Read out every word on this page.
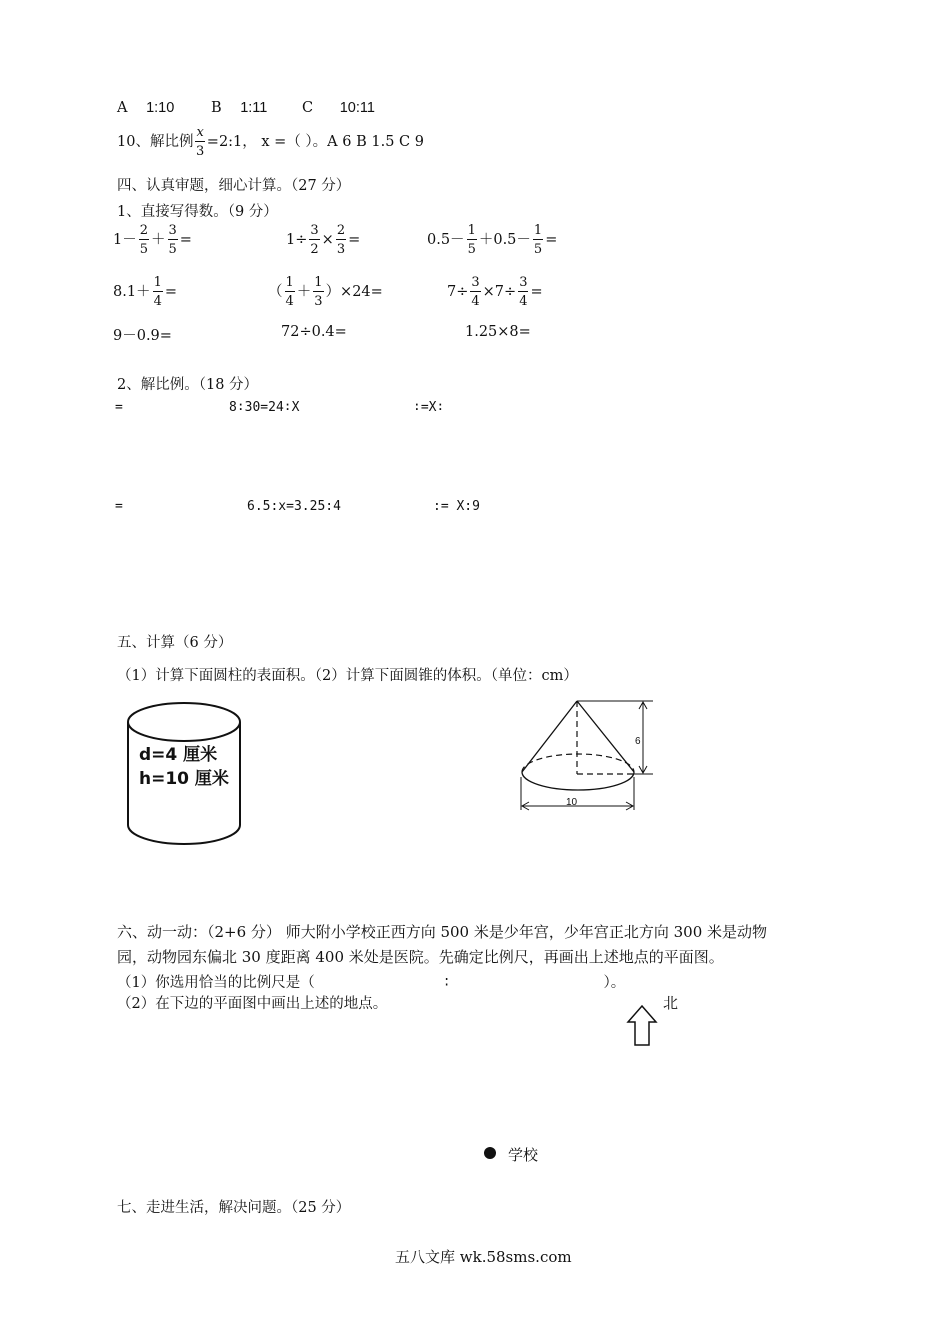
A 1:10	B 1:11 C 10:11
10、解比例 $\frac{x}{3}$ =2:1， x =（ ）。A 6 B 1.5 C 9
四、认真审题，细心计算。（27 分）
1、直接写得数。（9 分）
$1- \frac{2}{5} + \frac{3}{5}$ =	$1\div \frac{3}{2} \times \frac{2}{3}$ =	$0.5- \frac{1}{5} +0.5- \frac{1}{5}$ =
$8.1+ \frac{1}{4}$ =	（ $\frac{1}{4} + \frac{1}{3} )\times 24=$	$7\div \frac{3}{4} \times 7\div \frac{3}{4}$ =
9－0.9=	72÷0.4=	1.25×8=
2、解比例。（18 分）
=	8∶30=24∶X	∶=X∶
=	6.5:x=3.25:4	:= X:9
五、计算（6 分）
（1）计算下面圆柱的表面积。（2）计算下面圆锥的体积。（单位：cm）
d=4 厘米
h=10 厘米
6
10
六、动一动：（2+6 分） 师大附小学校正西方向 500 米是少年宫，少年宫正北方向 300 米是动物
园，动物园东偏北 30 度距离 400 米处是医院。先确定比例尺，再画出上述地点的平面图。
（1）你选用恰当的比例尺是（	∶	）。
（2）在下边的平面图中画出上述的地点。	北
学校
七、走进生活，解决问题。（25 分）
五八文库 wk.58sms.com
